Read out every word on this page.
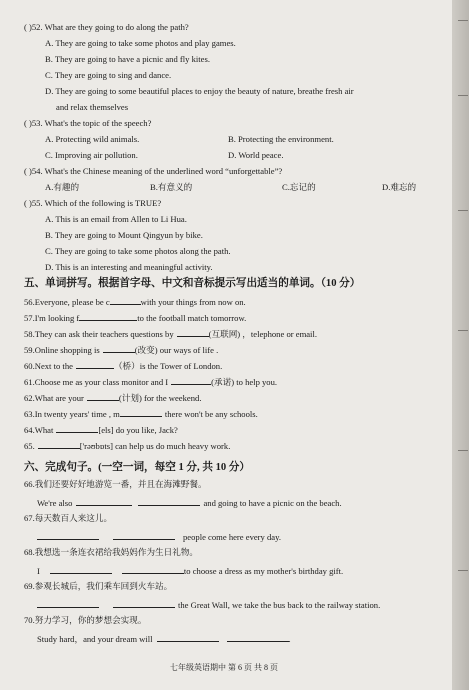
( )52. What are they going to do along the path?
A. They are going to take some photos and play games.
B. They are going to have a picnic and fly kites.
C. They are going to sing and dance.
D. They are going to some beautiful places to enjoy the beauty of nature, breathe fresh air
and relax themselves
( )53. What's the topic of the speech?
A. Protecting wild animals.	B. Protecting the environment.
C. Improving air pollution.	D. World peace.
( )54. What's the Chinese meaning of the underlined word “unforgettable”?
A.有趣的	B.有意义的	C.忘记的	D.难忘的
( )55. Which of the following is TRUE?
A. This is an email from Allen to Li Hua.
B. They are going to Mount Qingyun by bike.
C. They are going to take some photos along the path.
D. This is an interesting and meaningful activity.
五、单词拼写。根据首字母、中文和音标提示写出适当的单词。（10 分）
56.Everyone, please be c	with your things from now on.
57.I'm looking f	to the football match tomorrow.
58.They can ask their teachers questions by	(互联网) ，telephone or email.
59.Online shopping is	(改变) our ways of life .
60.Next to the	（桥）is the Tower of London.
61.Choose me as your class monitor and I	(承诺) to help you.
62.What are your	(计划) for the weekend.
63.In twenty years' time , m	there won't be any schools.
64.What	[els] do you like, Jack?
65.	['rəʊbɒts] can help us do much heavy work.
六、完成句子。(一空一词，每空 1 分, 共 10 分）
66.我们还要好好地游览一番，并且在海滩野餐。
We're also	and going to have a picnic on the beach.
67.每天数百人来这儿。
people come here every day.
68.我想选一条连衣裙给我妈妈作为生日礼物。
I	to choose a dress as my mother's birthday gift.
69.参观长城后，我们乘车回到火车站。
the Great Wall, we take the bus back to the railway station.
70.努力学习，你的梦想会实现。
Study hard，and your dream will	.
七年级英语期中 第 6 页 共 8 页
